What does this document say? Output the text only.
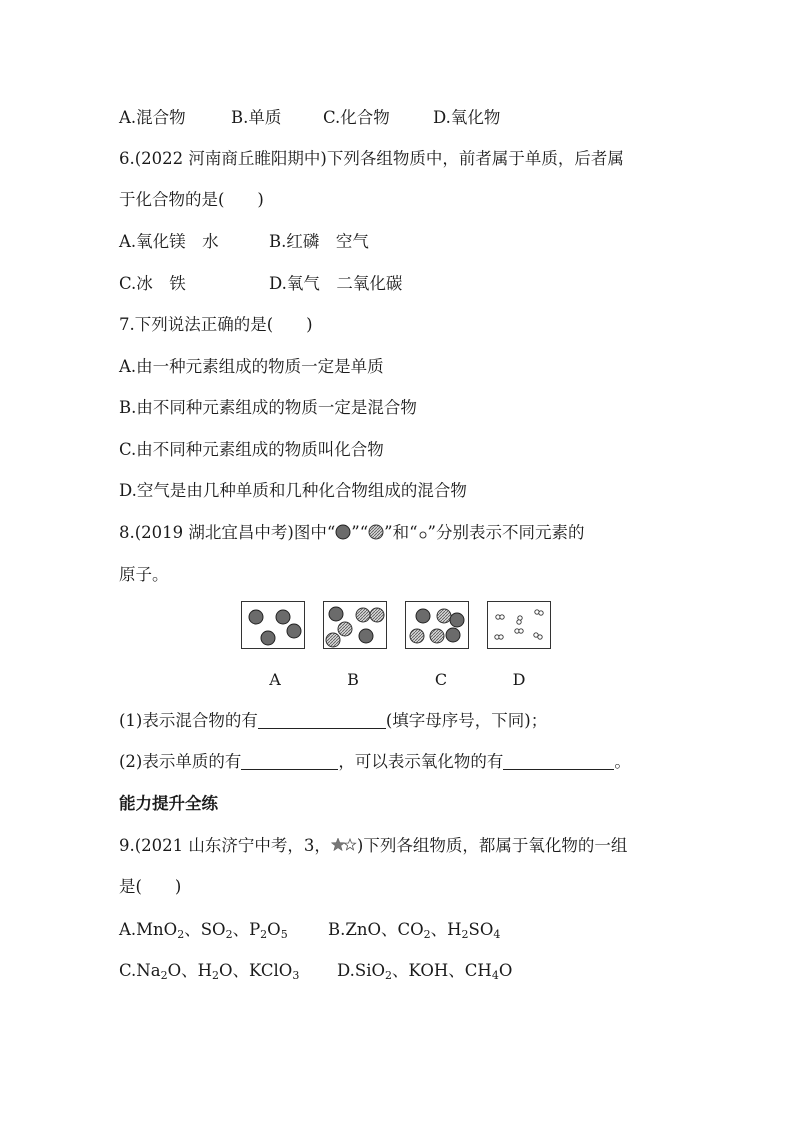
A.混合物	B.单质	C.化合物	D.氧化物
6.(2022 河南商丘睢阳期中)下列各组物质中，前者属于单质，后者属
于化合物的是(　　)
A.氧化镁　水	B.红磷　空气
C.冰　铁	D.氧气　二氧化碳
7.下列说法正确的是(　　)
A.由一种元素组成的物质一定是单质
B.由不同种元素组成的物质一定是混合物
C.由不同种元素组成的物质叫化合物
D.空气是由几种单质和几种化合物组成的混合物
8.(2019 湖北宜昌中考)图中“ ”“ ”和“ ”分别表示不同元素的
原子。
A	B	C	D
(1)表示混合物的有	(填字母序号，下同)；
(2)表示单质的有	，可以表示氧化物的有	。
能力提升全练
9.(2021 山东济宁中考，3， )下列各组物质，都属于氧化物的一组
是(　　)
A.MnO$_2$、$SO_2$、$P_2O_5$ B.ZnO、$CO_2$、$H_2SO_4$
$C.Na_2O$、$H_2O$、KClO$_3$ D.SiO$_2$、KOH、$CH_4O$
